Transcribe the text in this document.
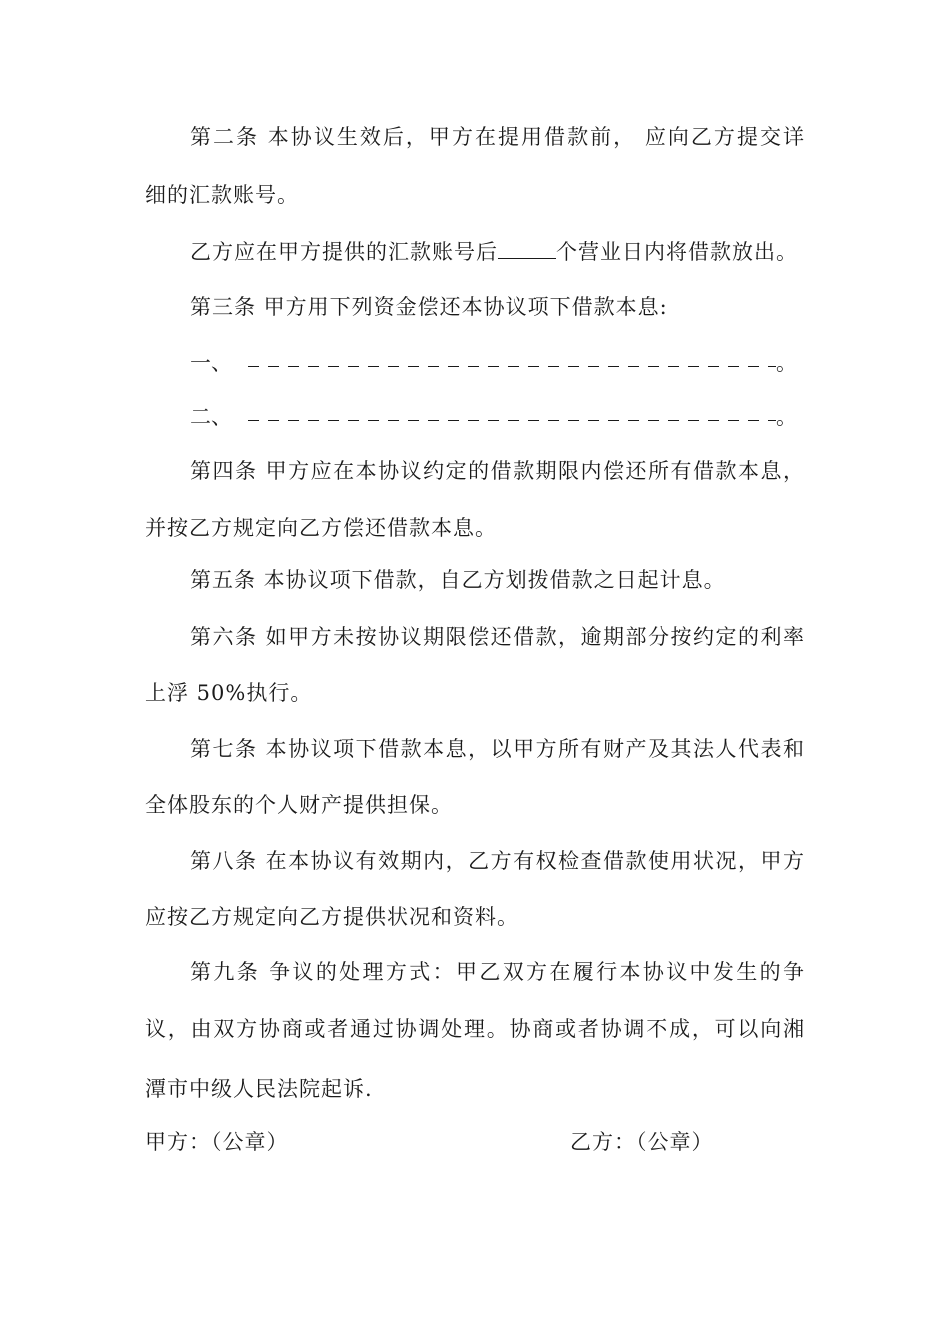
第二条 本协议生效后，甲方在提用借款前， 应向乙方提交详
细的汇款账号。
乙方应在甲方提供的汇款账号后	个营业日内将借款放出。
第三条 甲方用下列资金偿还本协议项下借款本息:
一、	。
二、	。
第四条 甲方应在本协议约定的借款期限内偿还所有借款本息，
并按乙方规定向乙方偿还借款本息。
第五条 本协议项下借款，自乙方划拨借款之日起计息。
第六条 如甲方未按协议期限偿还借款，逾期部分按约定的利率
上浮 50%执行。
第七条 本协议项下借款本息，以甲方所有财产及其法人代表和
全体股东的个人财产提供担保。
第八条 在本协议有效期内，乙方有权检查借款使用状况，甲方
应按乙方规定向乙方提供状况和资料。
第九条 争议的处理方式：甲乙双方在履行本协议中发生的争
议，由双方协商或者通过协调处理。协商或者协调不成，可以向湘
潭市中级人民法院起诉.
甲方：（公章）	乙方：（公章）
